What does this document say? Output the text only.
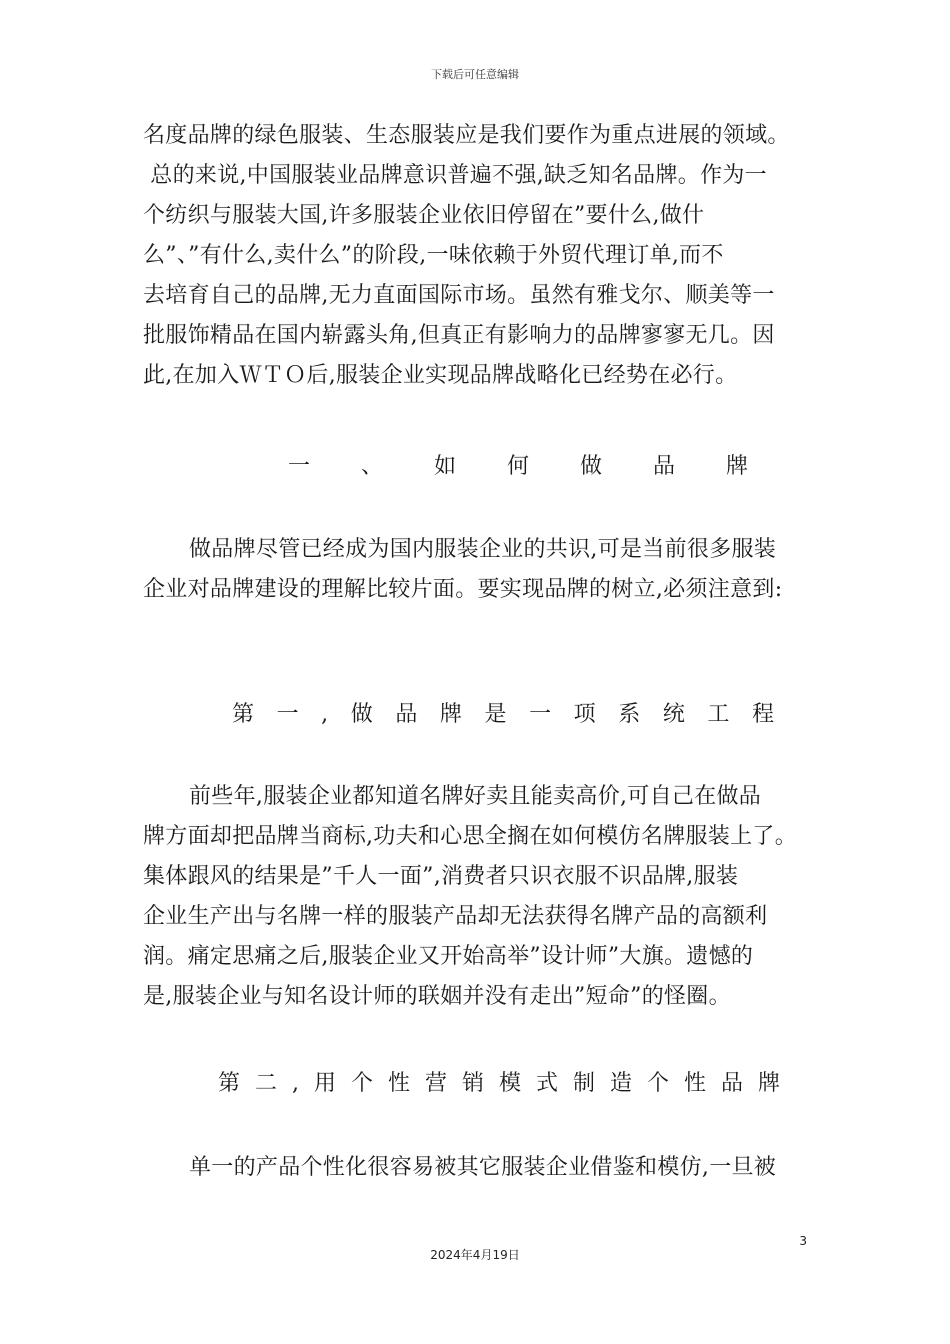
下载后可任意编辑

名度品牌的绿色服装、生态服装应是我们要作为重点进展的领域。

总的来说,中国服装业品牌意识普遍不强,缺乏知名品牌。作为一

个纺织与服装大国,许多服装企业依旧停留在”要什么,做什

么”、”有什么,卖什么”的阶段,一味依赖于外贸代理订单,而不

去培育自己的品牌,无力直面国际市场。虽然有雅戈尔、顺美等一

批服饰精品在国内崭露头角,但真正有影响力的品牌寥寥无几。因

此,在加入ＷＴＯ后,服装企业实现品牌战略化已经势在必行。

一、如何做品牌

做品牌尽管已经成为国内服装企业的共识,可是当前很多服装

企业对品牌建设的理解比较片面。要实现品牌的树立,必须注意到:

第一,做品牌是一项系统工程

前些年,服装企业都知道名牌好卖且能卖高价,可自己在做品

牌方面却把品牌当商标,功夫和心思全搁在如何模仿名牌服装上了。

集体跟风的结果是”千人一面”,消费者只识衣服不识品牌,服装

企业生产出与名牌一样的服装产品却无法获得名牌产品的高额利

润。痛定思痛之后,服装企业又开始高举”设计师”大旗。遗憾的

是,服装企业与知名设计师的联姻并没有走出”短命”的怪圈。

第二,用个性营销模式制造个性品牌

单一的产品个性化很容易被其它服装企业借鉴和模仿,一旦被

3
2024年4月19日
